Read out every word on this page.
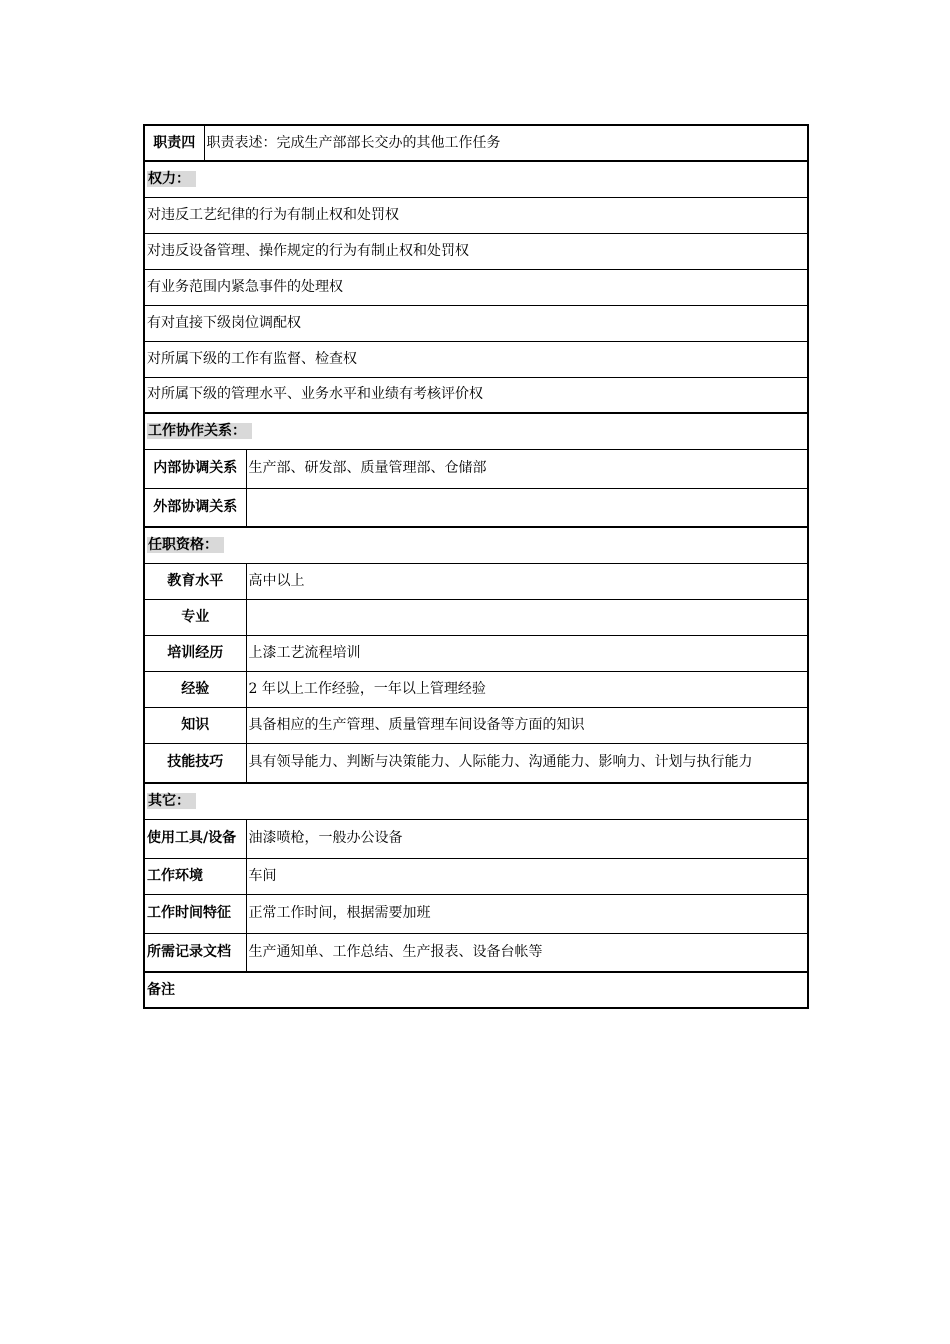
职责四	职责表述：完成生产部部长交办的其他工作任务	
权力：		
对违反工艺纪律的行为有制止权和处罚权		
对违反设备管理、操作规定的行为有制止权和处罚权		
有业务范围内紧急事件的处理权		
有对直接下级岗位调配权		
对所属下级的工作有监督、检查权		
对所属下级的管理水平、业务水平和业绩有考核评价权		
工作协作关系：		
内部协调关系		生产部、研发部、质量管理部、仓储部
外部协调关系		
任职资格：		
教育水平		高中以上
专业		
培训经历		上漆工艺流程培训
经验		2 年以上工作经验，一年以上管理经验
知识		具备相应的生产管理、质量管理车间设备等方面的知识
技能技巧		具有领导能力、判断与决策能力、人际能力、沟通能力、影响力、计划与执行能力
其它：		
使用工具/设备		油漆喷枪，一般办公设备
工作环境		车间
工作时间特征		正常工作时间，根据需要加班
所需记录文档		生产通知单、工作总结、生产报表、设备台帐等
备注		
